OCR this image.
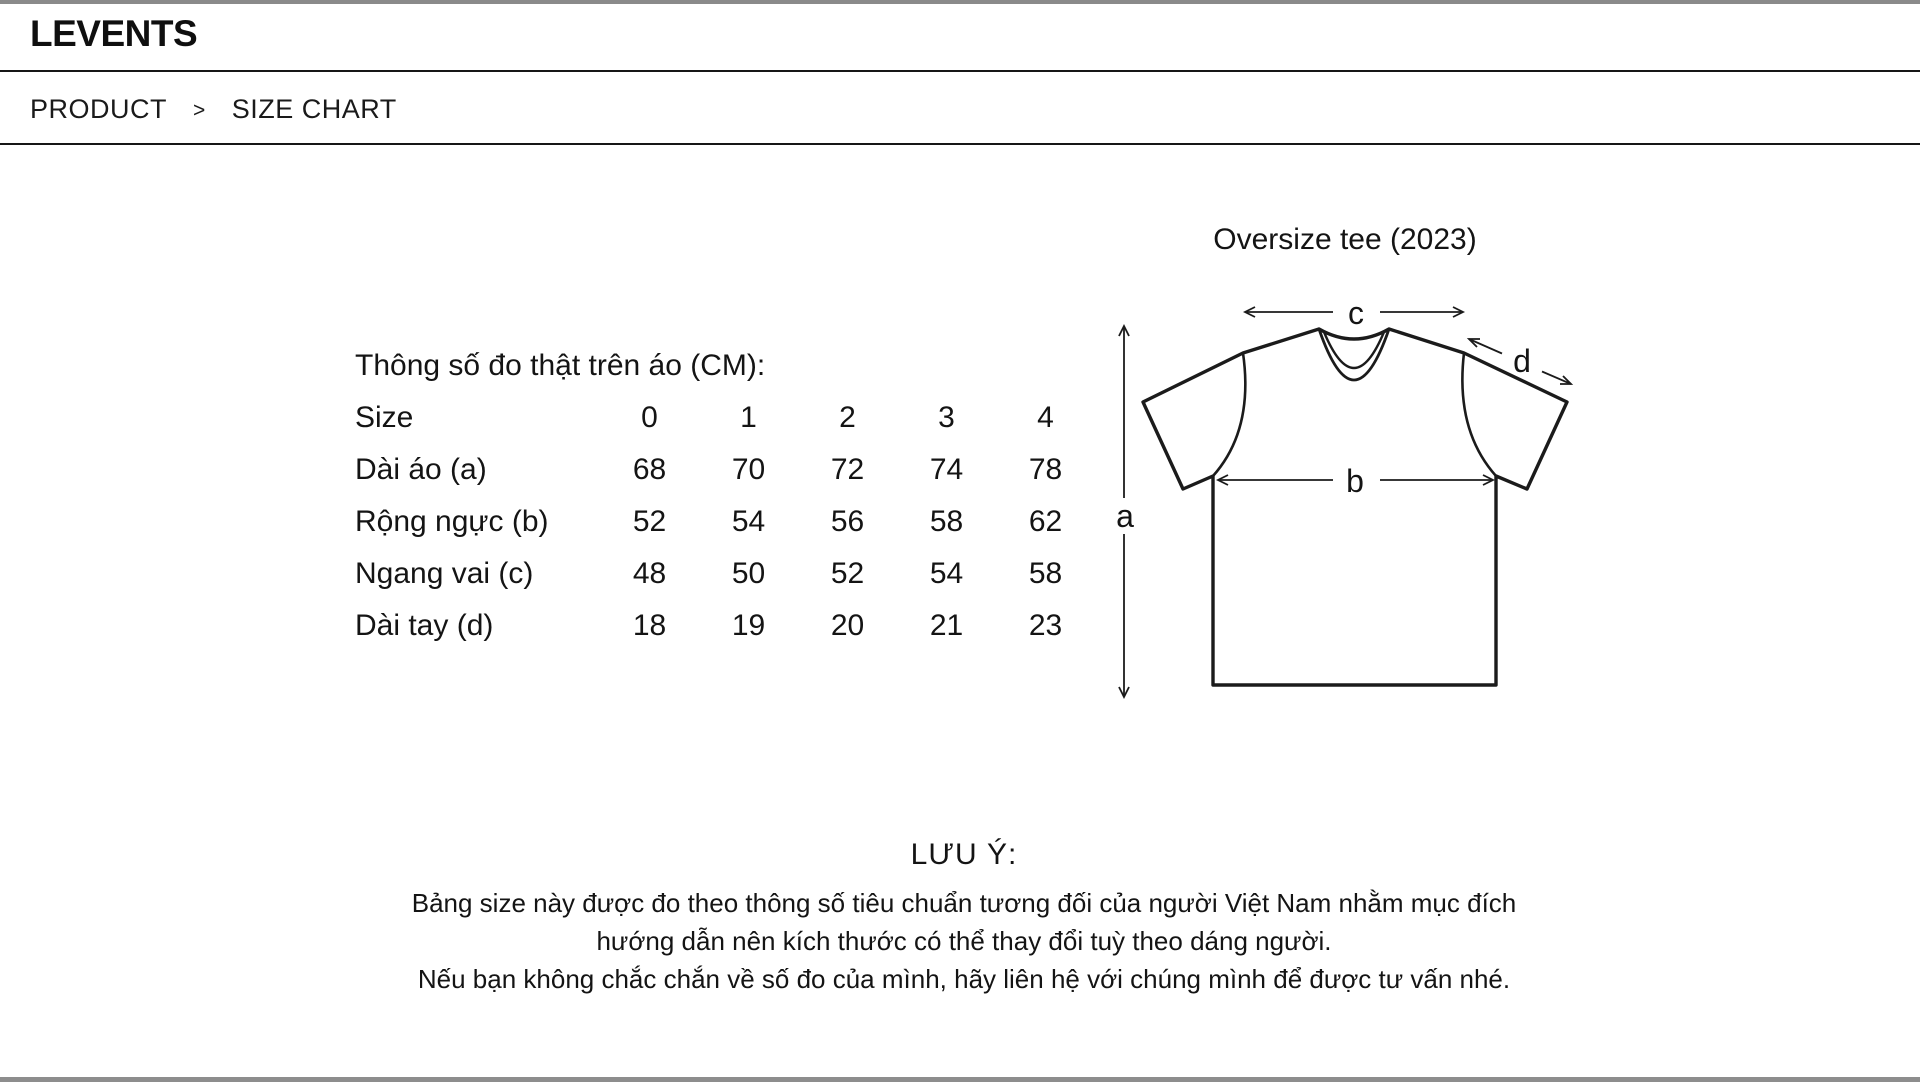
LEVENTS
PRODUCT > SIZE CHART
Thông số đo thật trên áo (CM):
Size	0	1	2	3	4
Dài áo (a)	68	70	72	74	78
Rộng ngực (b)	52	54	56	58	62
Ngang vai (c)	48	50	52	54	58
Dài tay (d)	18	19	20	21	23
Oversize tee (2023)
a
c
b
d
LƯU Ý:
Bảng size này được đo theo thông số tiêu chuẩn tương đối của người Việt Nam nhằm mục đích
hướng dẫn nên kích thước có thể thay đổi tuỳ theo dáng người.
Nếu bạn không chắc chắn về số đo của mình, hãy liên hệ với chúng mình để được tư vấn nhé.
